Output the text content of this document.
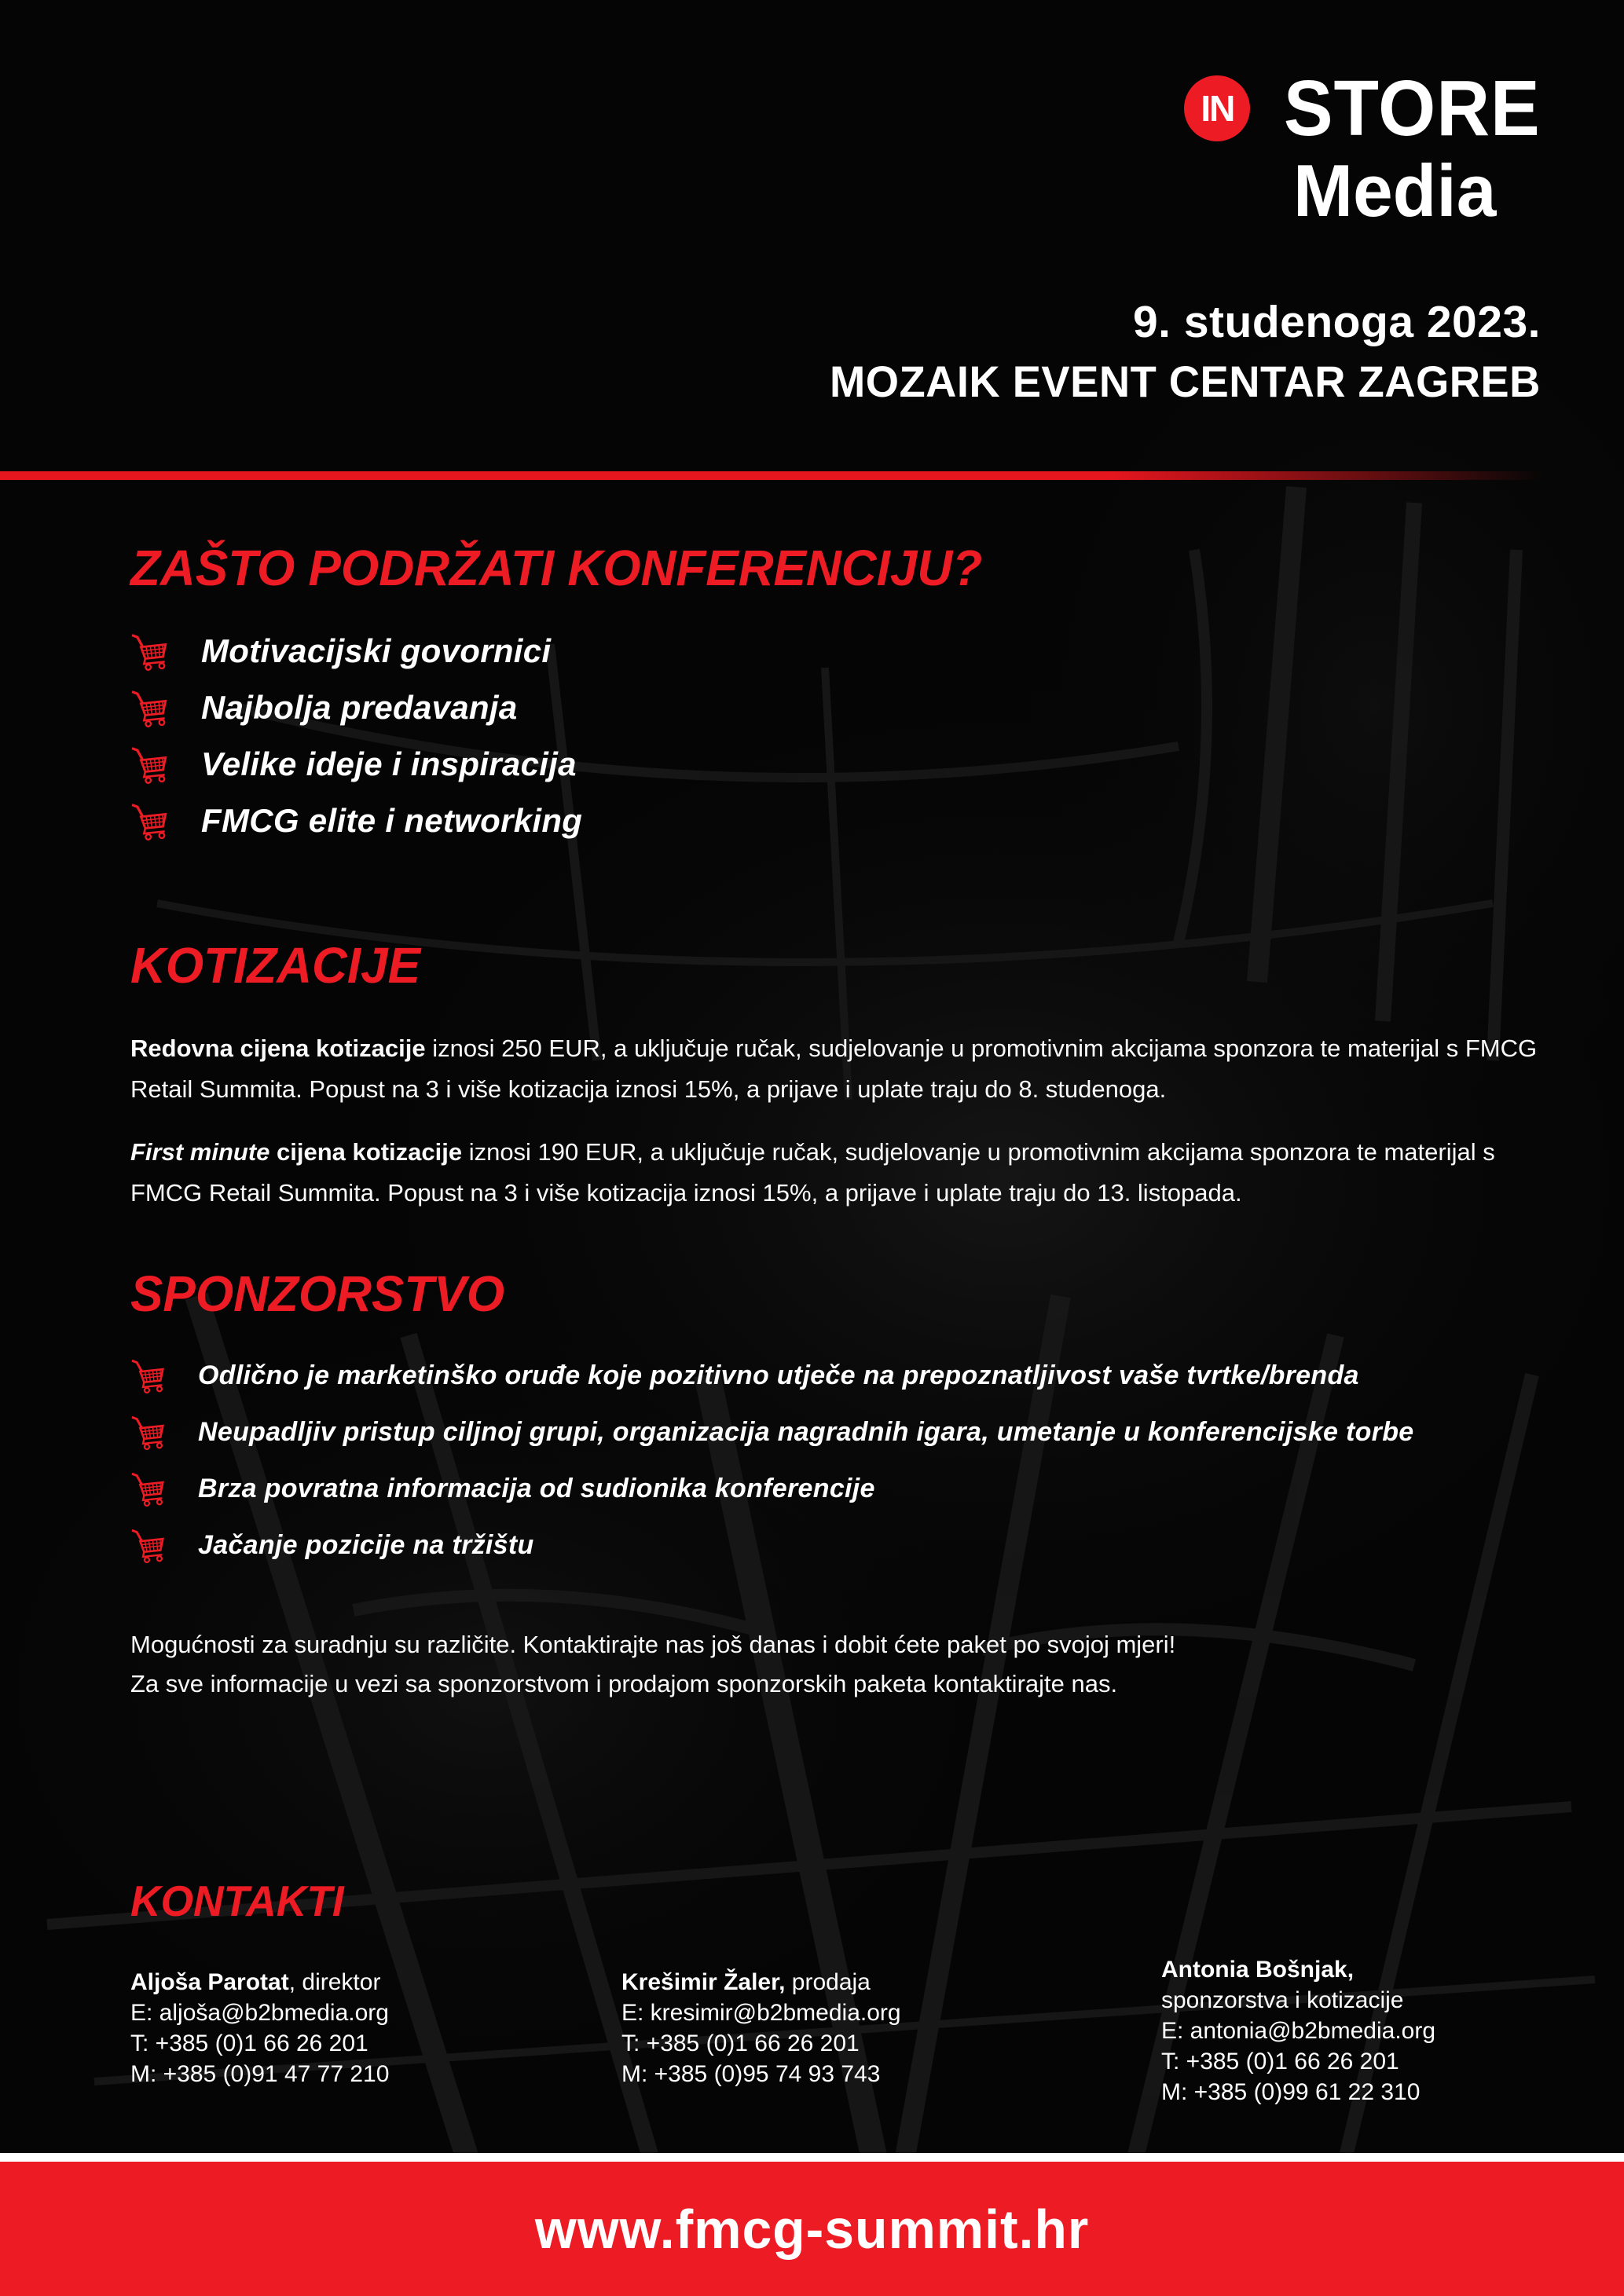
IN STORE
Media
9. studenoga 2023.
MOZAIK EVENT CENTAR ZAGREB
ZAŠTO PODRŽATI KONFERENCIJU?
Motivacijski govornici
Najbolja predavanja
Velike ideje i inspiracija
FMCG elite i networking
KOTIZACIJE

Redovna cijena kotizacije iznosi 250 EUR, a uključuje ručak, sudjelovanje u promotivnim akcijama sponzora te materijal s FMCG Retail Summita. Popust na 3 i više kotizacija iznosi 15%, a prijave i uplate traju do 8. studenoga.

First minute cijena kotizacije iznosi 190 EUR, a uključuje ručak, sudjelovanje u promotivnim akcijama sponzora te materijal s FMCG Retail Summita. Popust na 3 i više kotizacija iznosi 15%, a prijave i uplate traju do 13. listopada.

SPONZORSTVO
Odlično je marketinško oruđe koje pozitivno utječe na prepoznatljivost vaše tvrtke/brenda
Neupadljiv pristup ciljnoj grupi, organizacija nagradnih igara, umetanje u konferencijske torbe
Brza povratna informacija od sudionika konferencije
Jačanje pozicije na tržištu
Mogućnosti za suradnju su različite. Kontaktirajte nas još danas i dobit ćete paket po svojoj mjeri!
Za sve informacije u vezi sa sponzorstvom i prodajom sponzorskih paketa kontaktirajte nas.
KONTAKTI
Aljoša Parotat, direktor
E: aljoša@b2bmedia.org
T: +385 (0)1 66 26 201
M: +385 (0)91 47 77 210
Krešimir Žaler, prodaja
E: kresimir@b2bmedia.org
T: +385 (0)1 66 26 201
M: +385 (0)95 74 93 743
Antonia Bošnjak,
sponzorstva i kotizacije
E: antonia@b2bmedia.org
T: +385 (0)1 66 26 201
M: +385 (0)99 61 22 310
www.fmcg-summit.hr
